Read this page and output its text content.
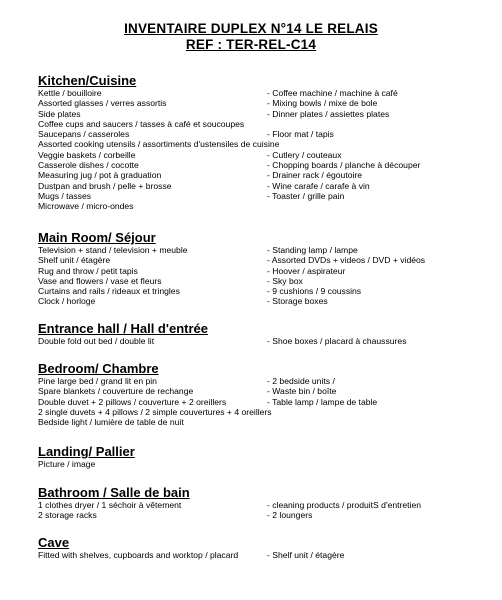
INVENTAIRE DUPLEX N°14 LE RELAIS
REF : TER-REL-C14
Kitchen/Cuisine
Kettle / bouilloire	- Coffee machine / machine à café
Assorted glasses / verres assortis	- Mixing bowls / mixe de bole
Side plates	- Dinner plates / assiettes plates
Coffee cups and saucers / tasses à café et soucoupes
Saucepans / casseroles	- Floor mat / tapis
Assorted cooking utensils / assortiments d'ustensiles de cuisine
Veggie baskets / corbeille	- Cutlery / couteaux
Casserole dishes / cocotte	- Chopping boards / planche à découper
Measuring jug / pot à graduation	- Drainer rack / égoutoire
Dustpan and brush / pelle + brosse	- Wine carafe / carafe à vin
Mugs / tasses	- Toaster / grille pain
Microwave / micro-ondes
Main Room/ Séjour
Television + stand / television + meuble	- Standing lamp / lampe
Shelf unit / étagère	- Assorted DVDs + videos / DVD + vidéos
Rug and throw / petit tapis	- Hoover / aspirateur
Vase and flowers / vase et fleurs	- Sky box
Curtains and rails / rideaux et tringles	- 9 cushions / 9 coussins
Clock / horloge	- Storage boxes
Entrance hall / Hall d'entrée
Double fold out bed / double lit	- Shoe boxes / placard à chaussures
Bedroom/ Chambre
Pine large bed / grand lit en pin	- 2 bedside units /
Spare blankets / couverture de rechange	- Waste bin / boîte
Double duvet + 2 pillows / couverture + 2 oreillers	- Table lamp / lampe de table
2 single duvets + 4 pillows / 2 simple couvertures + 4 oreillers
Bedside light / lumière de table de nuit
Landing/ Pallier
Picture / image
Bathroom / Salle de bain
1 clothes dryer / 1 séchoir à vêtement	- cleaning products / produitS d'entretien
2 storage racks	- 2 loungers
Cave
Fitted with shelves, cupboards and worktop / placard	- Shelf unit / étagère
